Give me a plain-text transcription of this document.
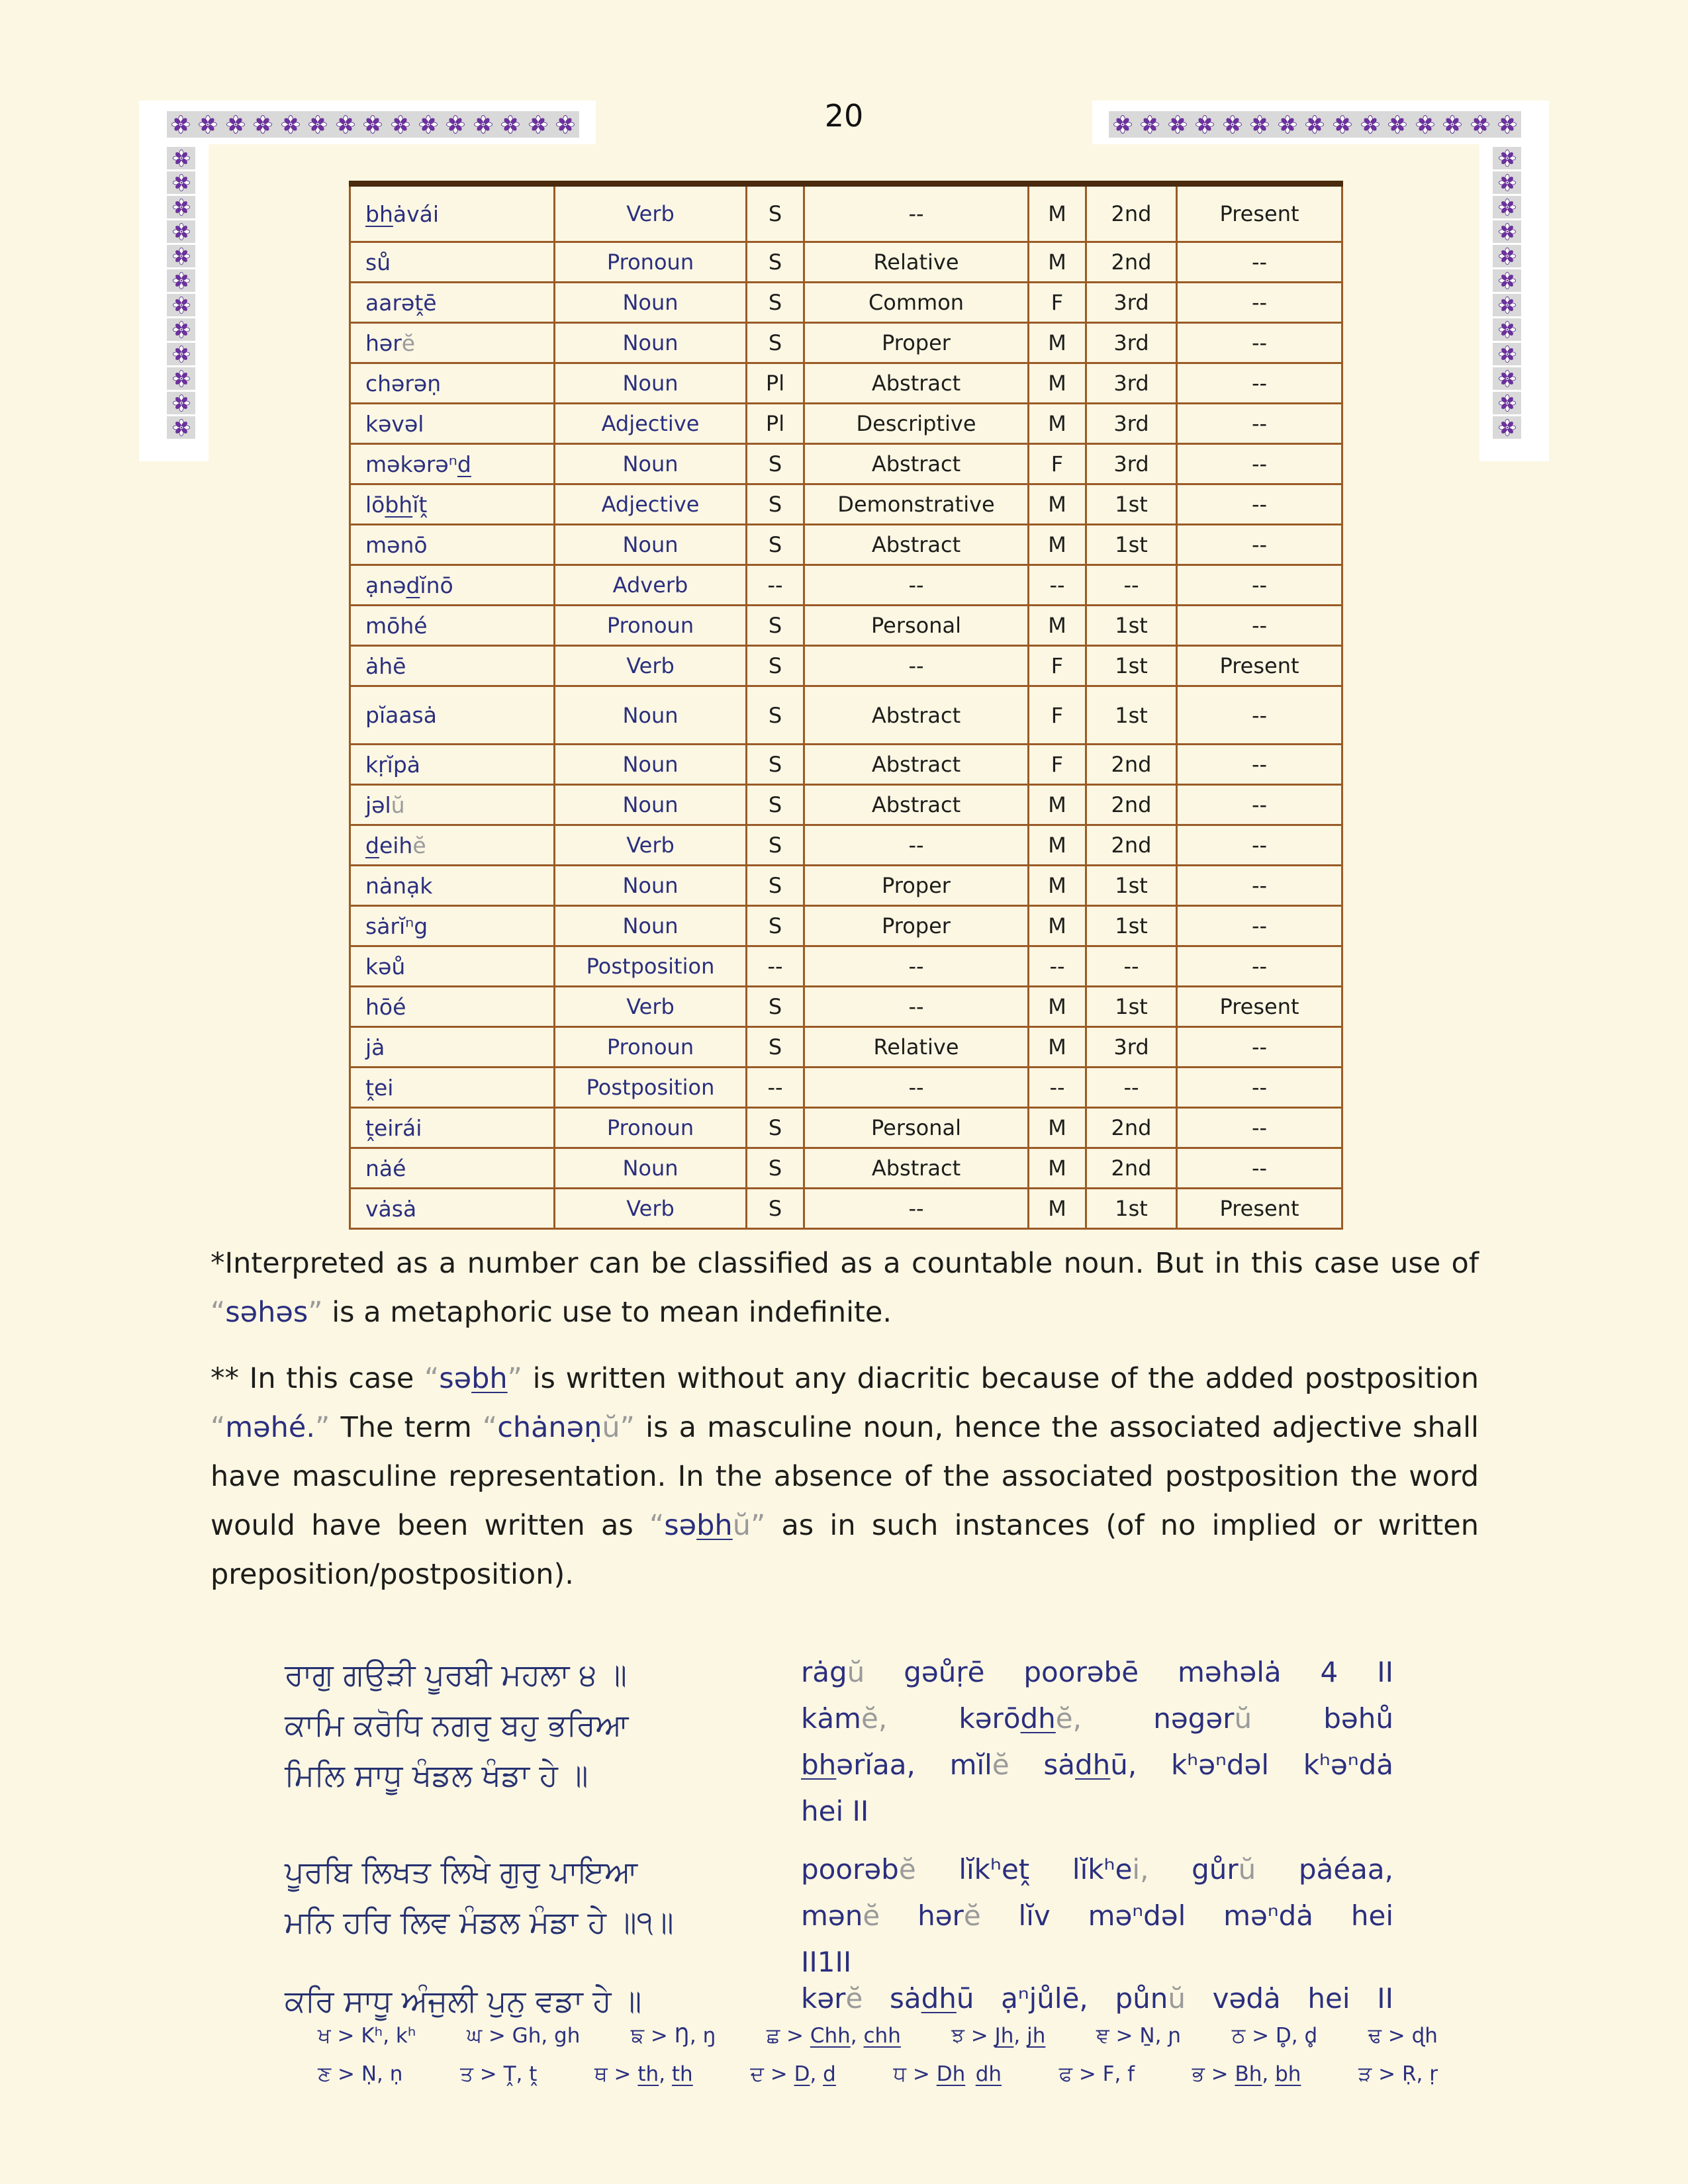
20
bhȧvái	Verb	S	--	M	2nd	Present
sů	Pronoun	S	Relative	M	2nd	--
aarəṱē	Noun	S	Common	F	3rd	--
hərĕ	Noun	S	Proper	M	3rd	--
chərəṇ	Noun	Pl	Abstract	M	3rd	--
kəvəl	Adjective	Pl	Descriptive	M	3rd	--
məkərəⁿd	Noun	S	Abstract	F	3rd	--
lōbhĭṱ	Adjective	S	Demonstrative	M	1st	--
mənō	Noun	S	Abstract	M	1st	--
ạnədĭnō	Adverb	--	--	--	--	--
mōhé	Pronoun	S	Personal	M	1st	--
ȧhē	Verb	S	--	F	1st	Present
pĭaasȧ	Noun	S	Abstract	F	1st	--
kṛĭpȧ	Noun	S	Abstract	F	2nd	--
jəlŭ	Noun	S	Abstract	M	2nd	--
deihĕ	Verb	S	--	M	2nd	--
nȧnạk	Noun	S	Proper	M	1st	--
sȧrĭⁿg	Noun	S	Proper	M	1st	--
kəů	Postposition	--	--	--	--	--
hōé	Verb	S	--	M	1st	Present
jȧ	Pronoun	S	Relative	M	3rd	--
ṱei	Postposition	--	--	--	--	--
ṱeirái	Pronoun	S	Personal	M	2nd	--
nȧé	Noun	S	Abstract	M	2nd	--
vȧsȧ	Verb	S	--	M	1st	Present

*Interpreted as a number can be classified as a countable noun. But in this case use of “səhəs” is a metaphoric use to mean indefinite.

** In this case “səbh” is written without any diacritic because of the added postposition “məhé.” The term “chȧnəṇŭ” is a masculine noun, hence the associated adjective shall have masculine representation. In the absence of the associated postposition the word would have been written as “səbhŭ” as in such instances (of no implied or written preposition/postposition).

ਰਾਗੁ ਗਉੜੀ ਪੂਰਬੀ ਮਹਲਾ ੪ ॥
ਕਾਮਿ ਕਰੋਧਿ ਨਗਰੁ ਬਹੁ ਭਰਿਆ
ਮਿਲਿ ਸਾਧੂ ਖੰਡਲ ਖੰਡਾ ਹੇ ॥
ਪੂਰਬਿ ਲਿਖਤ ਲਿਖੇ ਗੁਰੁ ਪਾਇਆ
ਮਨਿ ਹਰਿ ਲਿਵ ਮੰਡਲ ਮੰਡਾ ਹੇ ॥੧॥
ਕਰਿ ਸਾਧੂ ਅੰਜੁਲੀ ਪੁਨੁ ਵਡਾ ਹੇ ॥
rȧgŭ gəůṛē poorəbē məhəlȧ 4 II
kȧmĕ, kərōdhĕ, nəgərŭ bəhů
bhərĭaa, mĭlĕ sȧdhū, kʰəⁿdəl kʰəⁿdȧ
hei II
poorəbĕ lĭkʰeṱ lĭkʰei, gůrŭ pȧéaa,
mənĕ hərĕ lĭv məⁿdəl məⁿdȧ hei
II1II
kərĕ sȧdhū ạⁿjůlē, půnŭ vədȧ hei II
ਖ > Kʰ, kʰ ਘ > Gh, gh ਙ > Ŋ, ŋ ਛ > Chh, chh ਝ > Jh, jh ਞ > Ṉ, ɲ ਠ > D̥, d̥ ਢ > ɖh
ਣ > Ṇ, ṇ	ਤ > Ṱ, ṱ	ਥ > th, th	ਦ > D, d	ਧ > Dh  dh	ਫ > F, f	ਭ > Bh, bh	ੜ > Ṛ, ṛ
